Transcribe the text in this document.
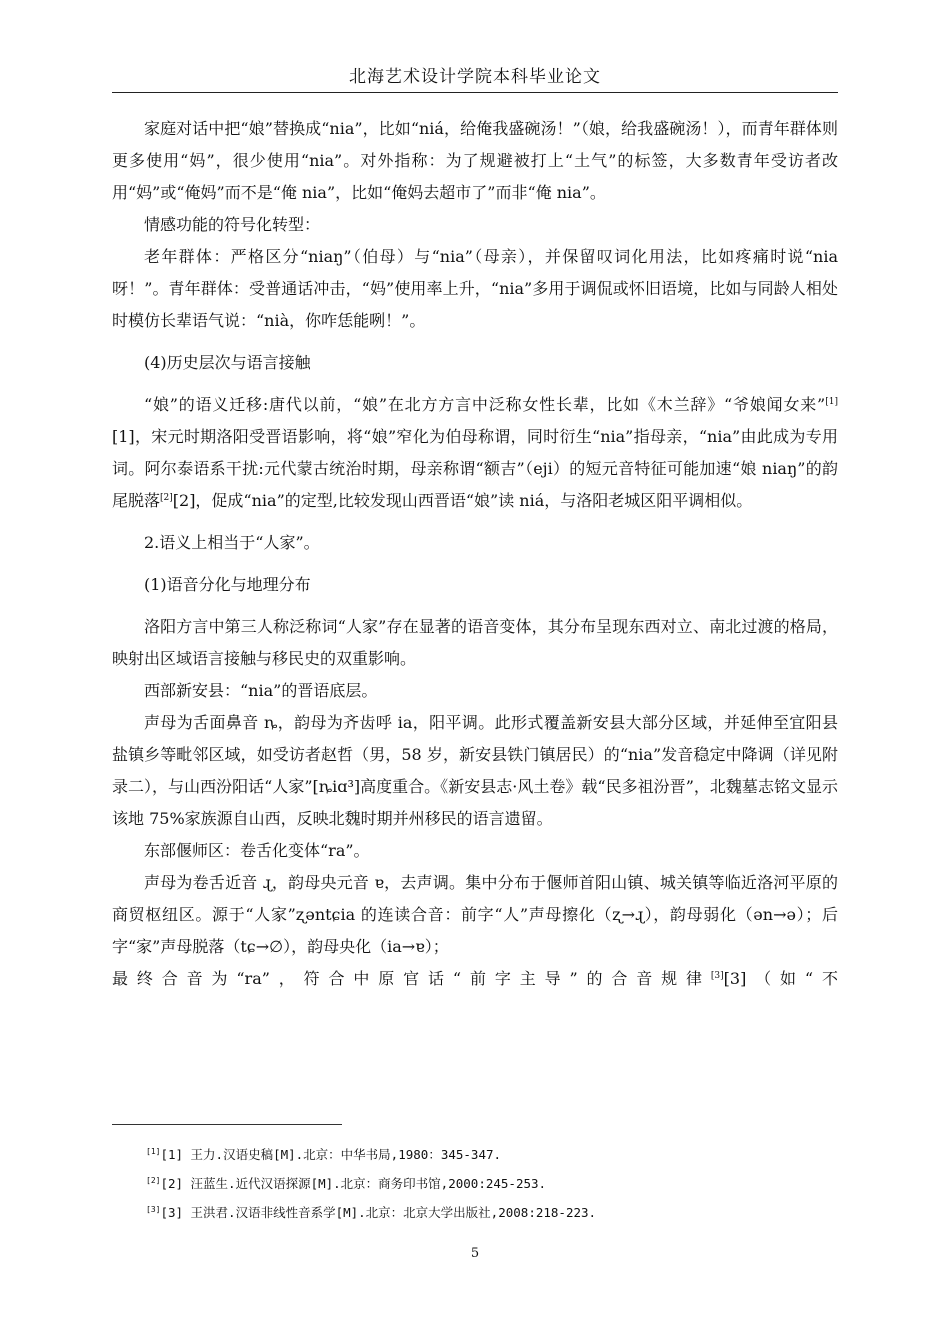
北海艺术设计学院本科毕业论文

家庭对话中把“娘”替换成“nia”，比如“niá，给俺我盛碗汤！”（娘，给我盛碗汤！），而青年群体则更多使用“妈”，很少使用“nia”。对外指称：为了规避被打上“土气”的标签，大多数青年受访者改用“妈”或“俺妈”而不是“俺 nia”，比如“俺妈去超市了”而非“俺 nia”。

情感功能的符号化转型：

老年群体：严格区分“niaŋ”（伯母）与“nia”（母亲），并保留叹词化用法，比如疼痛时说“nia 呀！”。青年群体：受普通话冲击，“妈”使用率上升，“nia”多用于调侃或怀旧语境，比如与同龄人相处时模仿长辈语气说：“nià，你咋恁能咧！”。

(4)历史层次与语言接触

“娘”的语义迁移:唐代以前，“娘”在北方方言中泛称女性长辈，比如《木兰辞》“爷娘闻女来”[1][1]，宋元时期洛阳受晋语影响，将“娘”窄化为伯母称谓，同时衍生“nia”指母亲，“nia”由此成为专用词。阿尔泰语系干扰:元代蒙古统治时期，母亲称谓“额吉”（eji）的短元音特征可能加速“娘 niaŋ”的韵尾脱落[2][2]，促成“nia”的定型,比较发现山西晋语“娘”读 niá，与洛阳老城区阳平调相似。

2.语义上相当于“人家”。

(1)语音分化与地理分布

洛阳方言中第三人称泛称词“人家”存在显著的语音变体，其分布呈现东西对立、南北过渡的格局，映射出区域语言接触与移民史的双重影响。

西部新安县：“nia”的晋语底层。

声母为舌面鼻音 ȵ，韵母为齐齿呼 ia，阳平调。此形式覆盖新安县大部分区域，并延伸至宜阳县盐镇乡等毗邻区域，如受访者赵哲（男，58 岁，新安县铁门镇居民）的“nia”发音稳定中降调（详见附录二），与山西汾阳话“人家”[ȵiɑ³]高度重合。《新安县志·风土卷》载“民多祖汾晋”，北魏墓志铭文显示该地 75%家族源自山西，反映北魏时期并州移民的语言遗留。

东部偃师区：卷舌化变体“ra”。

声母为卷舌近音 ɻ，韵母央元音 ɐ，去声调。集中分布于偃师首阳山镇、城关镇等临近洛河平原的商贸枢纽区。源于“人家”ʐəntɕia 的连读合音：前字“人”声母擦化（ʐ→ɻ），韵母弱化（ən→ə）；后字“家”声母脱落（tɕ→∅），韵母央化（ia→ɐ）；

最终合音为“ra”，符合中原官话“前字主导”的合音规律[3][3]（如“不

[1][1] 王力.汉语史稿[M].北京：中华书局,1980：345-347.
[2][2] 汪蓝生.近代汉语探源[M].北京：商务印书馆,2000:245-253.
[3][3] 王洪君.汉语非线性音系学[M].北京：北京大学出版社,2008:218-223.
5
